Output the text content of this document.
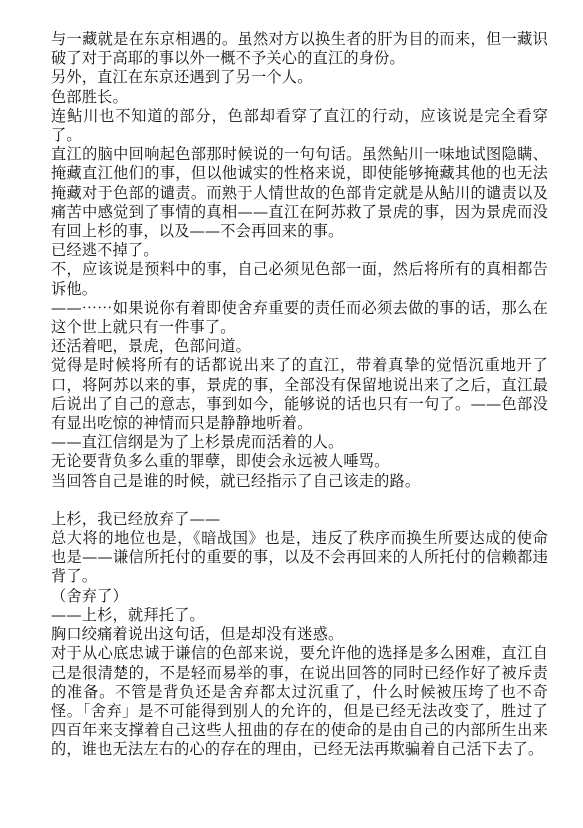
与一藏就是在东京相遇的。虽然对方以换生者的肝为目的而来，但一藏识破了对于高耶的事以外一概不予关心的直江的身份。

另外，直江在东京还遇到了另一个人。

色部胜长。

连鲇川也不知道的部分，色部却看穿了直江的行动，应该说是完全看穿了。

直江的脑中回响起色部那时候说的一句句话。虽然鲇川一味地试图隐瞒、掩藏直江他们的事，但以他诚实的性格来说，即使能够掩藏其他的也无法掩藏对于色部的谴责。而熟于人情世故的色部肯定就是从鲇川的谴责以及痛苦中感觉到了事情的真相——直江在阿苏救了景虎的事，因为景虎而没有回上杉的事，以及——不会再回来的事。

已经逃不掉了。

不，应该说是预料中的事，自己必须见色部一面，然后将所有的真相都告诉他。

——⋯⋯如果说你有着即使舍弃重要的责任而必须去做的事的话，那么在这个世上就只有一件事了。

还活着吧，景虎，色部问道。

觉得是时候将所有的话都说出来了的直江，带着真挚的觉悟沉重地开了口，将阿苏以来的事，景虎的事，全部没有保留地说出来了之后，直江最后说出了自己的意志，事到如今，能够说的话也只有一句了。——色部没有显出吃惊的神情而只是静静地听着。

——直江信纲是为了上杉景虎而活着的人。

无论要背负多么重的罪孽，即使会永远被人唾骂。

当回答自己是谁的时候，就已经指示了自己该走的路。

上杉，我已经放弃了——

总大将的地位也是，《暗战国》也是，违反了秩序而换生所要达成的使命也是——谦信所托付的重要的事，以及不会再回来的人所托付的信赖都违背了。

（舍弃了）

——上杉，就拜托了。

胸口绞痛着说出这句话，但是却没有迷惑。

对于从心底忠诚于谦信的色部来说，要允许他的选择是多么困难，直江自己是很清楚的，不是轻而易举的事，在说出回答的同时已经作好了被斥责的准备。不管是背负还是舍弃都太过沉重了，什么时候被压垮了也不奇怪。「舍弃」是不可能得到别人的允许的，但是已经无法改变了，胜过了四百年来支撑着自己这些人扭曲的存在的使命的是由自己的内部所生出来的，谁也无法左右的心的存在的理由，已经无法再欺骗着自己活下去了。
